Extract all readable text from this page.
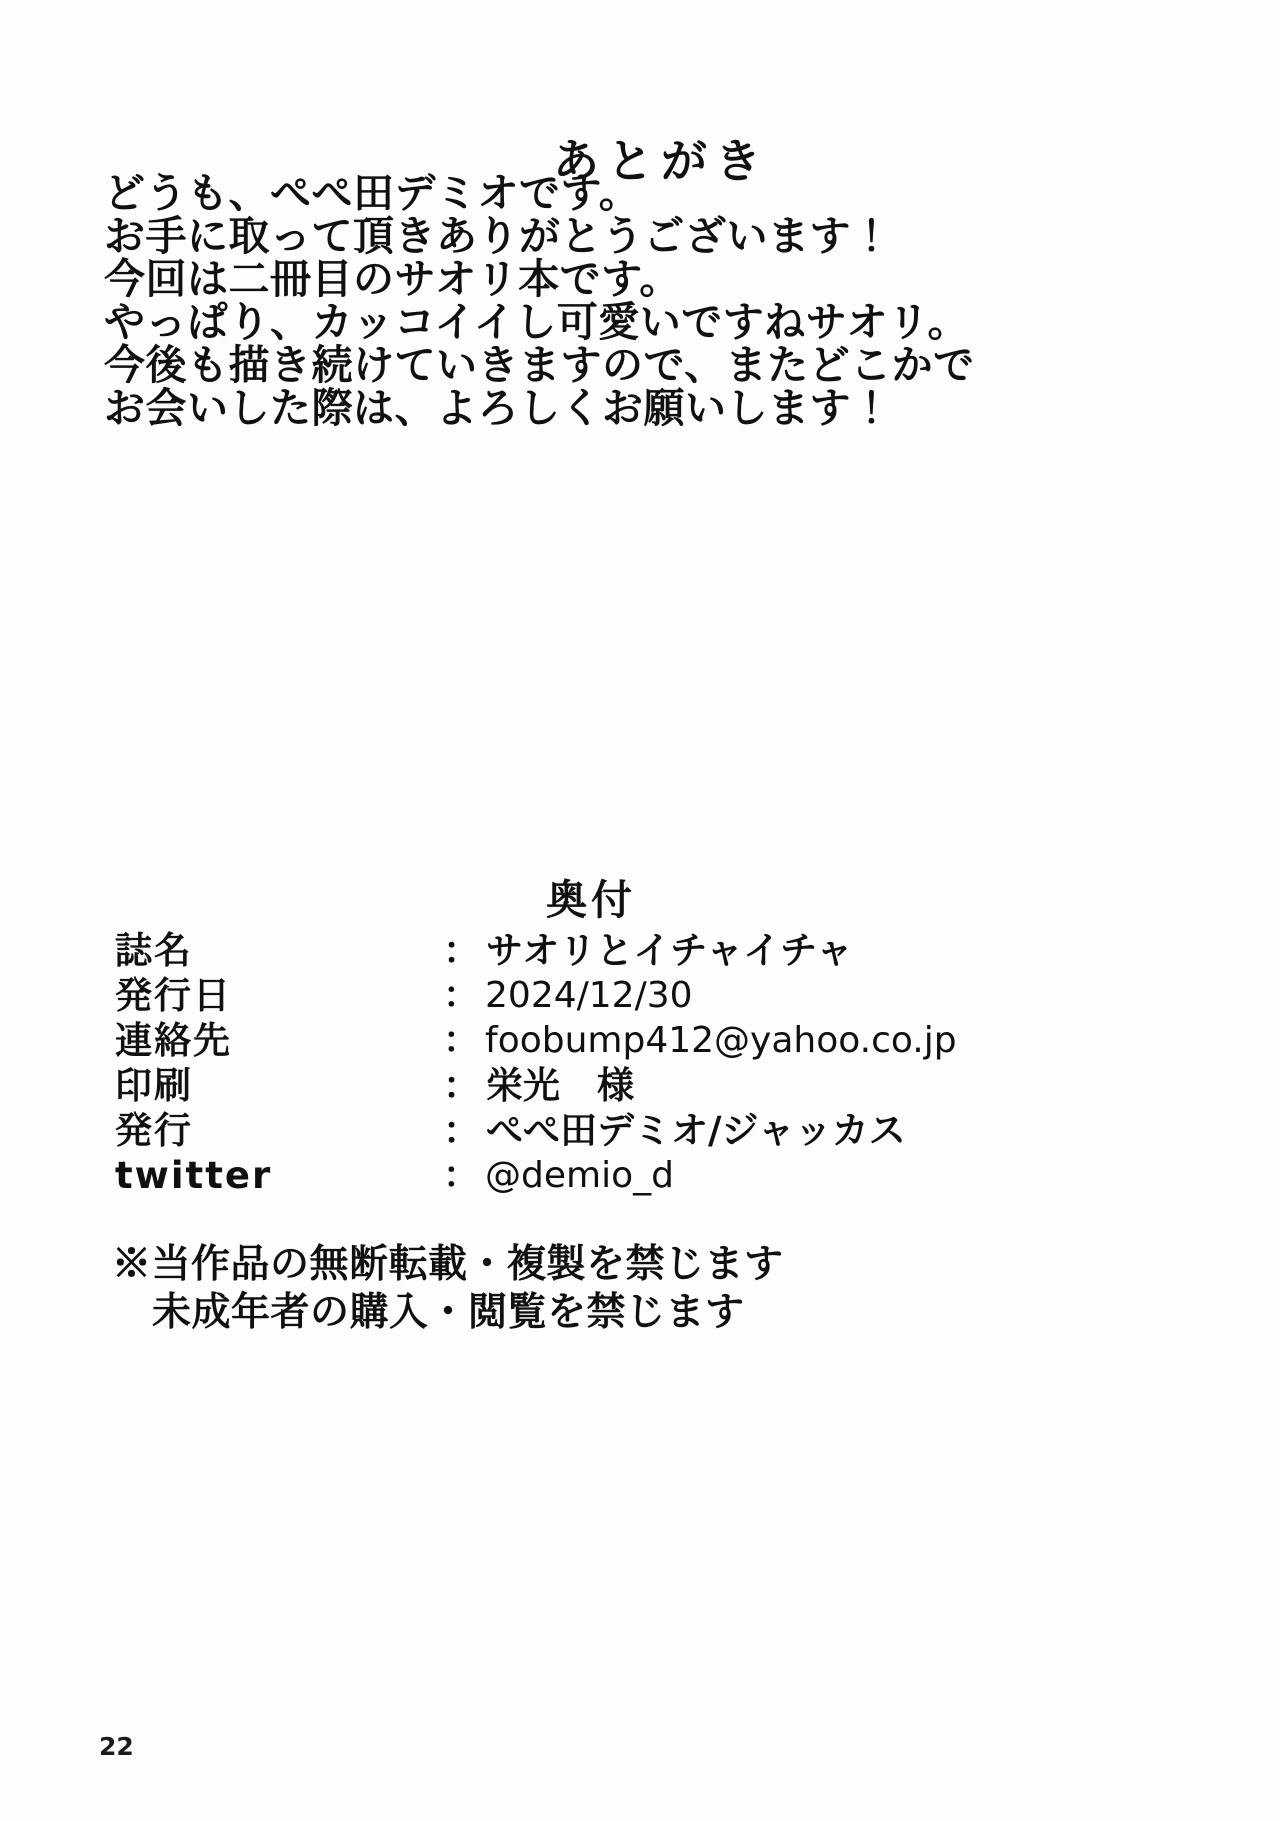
あとがき

どうも、ぺぺ田デミオです。

お手に取って頂きありがとうございます！

今回は二冊目のサオリ本です。

やっぱり、カッコイイし可愛いですねサオリ。

今後も描き続けていきますので、またどこかで

お会いした際は、よろしくお願いします！

奥付
誌名	： サオリとイチャイチャ
発行日	： 2024/12/30
連絡先	： foobump412@yahoo.co.jp
印刷	： 栄光　様
発行	： ぺぺ田デミオ/ジャッカス
twitter	： @demio_d

※当作品の無断転載・複製を禁じます

未成年者の購入・閲覧を禁じます

22
